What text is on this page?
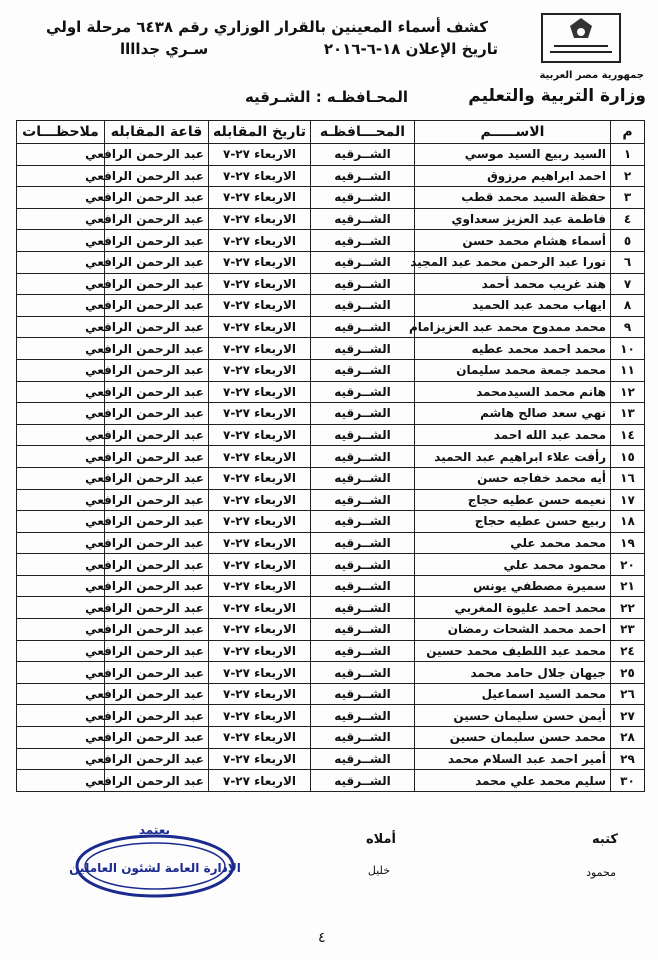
كشف أسماء المعينين بالقرار الوزاري رقم ٦٤٣٨ مرحلة اولي
تاريخ الإعلان ١٨-٦-٢٠١٦
سـري جداااا
جمهورية مصر العربية
وزارة التربية والتعليم
المحـافظـه : الشـرقيه
م	الاســـــم	المحـــافظـه	تاريخ المقابله	قاعة المقابله	ملاحظـــات
١	السيد ربيع السيد موسي	الشــرقيه	الاربعاء ٢٧-٧	عبد الرحمن الرافعي	
٢	احمد ابراهيم مرزوق	الشــرقيه	الاربعاء ٢٧-٧	عبد الرحمن الرافعي	
٣	حفظة السيد محمد قطب	الشــرقيه	الاربعاء ٢٧-٧	عبد الرحمن الرافعي	
٤	فاطمة عبد العزيز سعداوي	الشــرقيه	الاربعاء ٢٧-٧	عبد الرحمن الرافعي	
٥	أسماء هشام محمد حسن	الشــرقيه	الاربعاء ٢٧-٧	عبد الرحمن الرافعي	
٦	نورا عبد الرحمن محمد عبد المجيد	الشــرقيه	الاربعاء ٢٧-٧	عبد الرحمن الرافعي	
٧	هند غريب محمد أحمد	الشــرقيه	الاربعاء ٢٧-٧	عبد الرحمن الرافعي	
٨	ايهاب محمد عبد الحميد	الشــرقيه	الاربعاء ٢٧-٧	عبد الرحمن الرافعي	
٩	محمد ممدوح محمد عبد العزيزامام	الشــرقيه	الاربعاء ٢٧-٧	عبد الرحمن الرافعي	
١٠	محمد احمد محمد عطيه	الشــرقيه	الاربعاء ٢٧-٧	عبد الرحمن الرافعي	
١١	محمد جمعة محمد سليمان	الشــرقيه	الاربعاء ٢٧-٧	عبد الرحمن الرافعي	
١٢	هانم محمد السيدمحمد	الشــرقيه	الاربعاء ٢٧-٧	عبد الرحمن الرافعي	
١٣	نهي سعد صالح هاشم	الشــرقيه	الاربعاء ٢٧-٧	عبد الرحمن الرافعي	
١٤	محمد عبد الله احمد	الشــرقيه	الاربعاء ٢٧-٧	عبد الرحمن الرافعي	
١٥	رأفت علاء ابراهيم عبد الحميد	الشــرقيه	الاربعاء ٢٧-٧	عبد الرحمن الرافعي	
١٦	أيه محمد خفاجه حسن	الشــرقيه	الاربعاء ٢٧-٧	عبد الرحمن الرافعي	
١٧	نعيمه حسن عطيه حجاج	الشــرقيه	الاربعاء ٢٧-٧	عبد الرحمن الرافعي	
١٨	ربيع حسن عطيه حجاج	الشــرقيه	الاربعاء ٢٧-٧	عبد الرحمن الرافعي	
١٩	محمد محمد علي	الشــرقيه	الاربعاء ٢٧-٧	عبد الرحمن الرافعي	
٢٠	محمود محمد علي	الشــرقيه	الاربعاء ٢٧-٧	عبد الرحمن الرافعي	
٢١	سميرة مصطفي يونس	الشــرقيه	الاربعاء ٢٧-٧	عبد الرحمن الرافعي	
٢٢	محمد احمد عليوة المغربي	الشــرقيه	الاربعاء ٢٧-٧	عبد الرحمن الرافعي	
٢٣	احمد محمد الشحات رمضان	الشــرقيه	الاربعاء ٢٧-٧	عبد الرحمن الرافعي	
٢٤	محمد عبد اللطيف محمد حسين	الشــرقيه	الاربعاء ٢٧-٧	عبد الرحمن الرافعي	
٢٥	جيهان جلال حامد محمد	الشــرقيه	الاربعاء ٢٧-٧	عبد الرحمن الرافعي	
٢٦	محمد السيد اسماعيل	الشــرقيه	الاربعاء ٢٧-٧	عبد الرحمن الرافعي	
٢٧	أيمن حسن سليمان حسين	الشــرقيه	الاربعاء ٢٧-٧	عبد الرحمن الرافعي	
٢٨	محمد حسن سليمان حسين	الشــرقيه	الاربعاء ٢٧-٧	عبد الرحمن الرافعي	
٢٩	أمير احمد عبد السلام محمد	الشــرقيه	الاربعاء ٢٧-٧	عبد الرحمن الرافعي	
٣٠	سليم محمد علي محمد	الشــرقيه	الاربعاء ٢٧-٧	عبد الرحمن الرافعي	
كتبه
محمود
أملاه
خليل
يعتمد
الادارة العامة لشئون العاملين
٤
